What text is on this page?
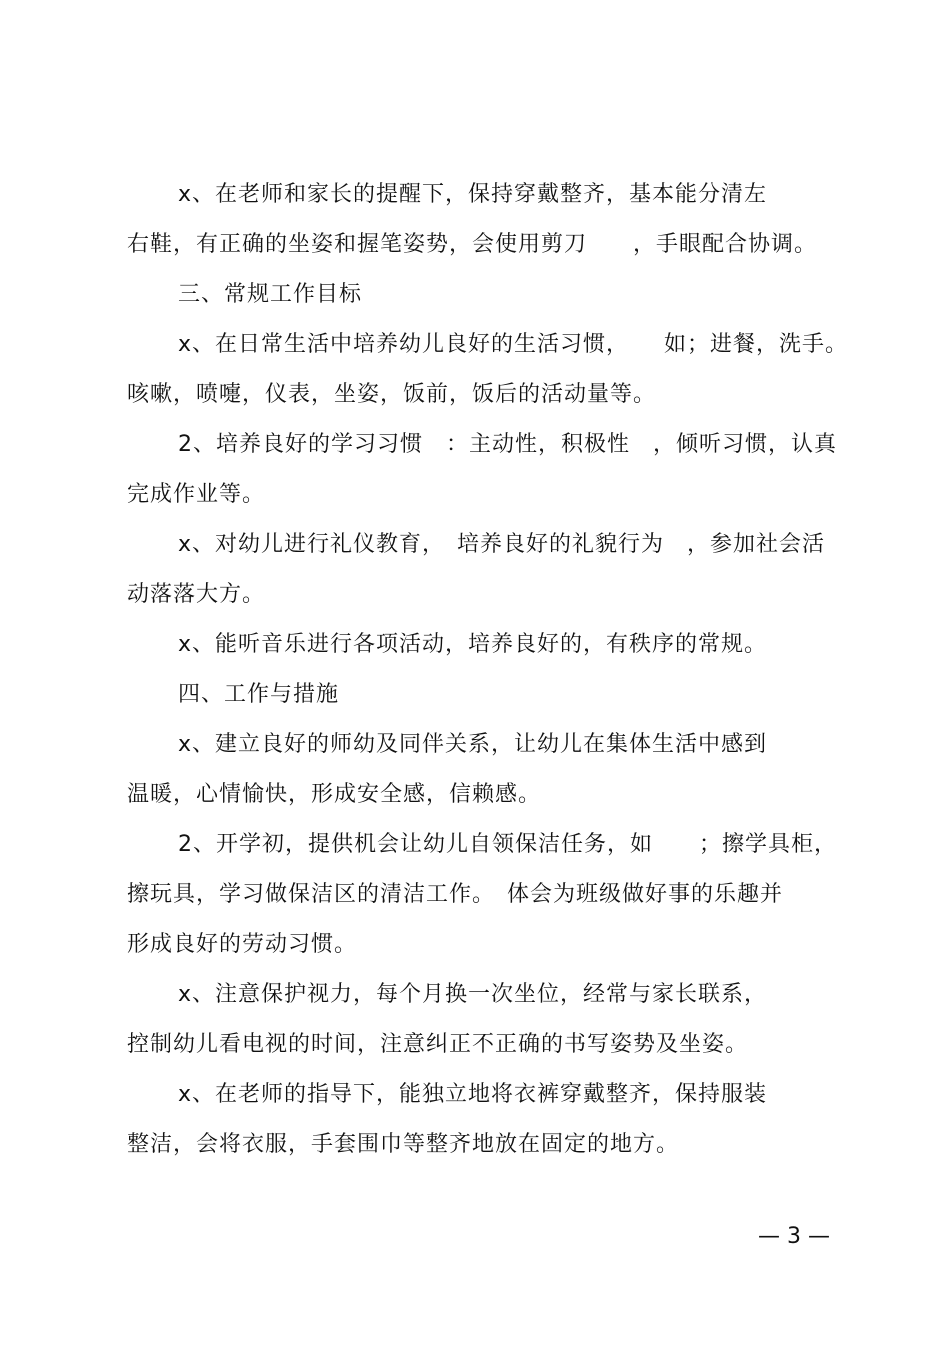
x、在老师和家长的提醒下，保持穿戴整齐，基本能分清左
右鞋，有正确的坐姿和握笔姿势，会使用剪刀　　，手眼配合协调。
三、常规工作目标
x、在日常生活中培养幼儿良好的生活习惯，　　如；进餐，洗手。
咳嗽，喷嚏，仪表，坐姿，饭前，饭后的活动量等。
2、培养良好的学习习惯　：主动性，积极性　，倾听习惯，认真
完成作业等。
x、对幼儿进行礼仪教育，　培养良好的礼貌行为　，参加社会活
动落落大方。
x、能听音乐进行各项活动，培养良好的，有秩序的常规。
四、工作与措施
x、建立良好的师幼及同伴关系，让幼儿在集体生活中感到
温暖，心情愉快，形成安全感，信赖感。
2、开学初，提供机会让幼儿自领保洁任务，如　　；擦学具柜，
擦玩具，学习做保洁区的清洁工作。　体会为班级做好事的乐趣并
形成良好的劳动习惯。
x、注意保护视力，每个月换一次坐位，经常与家长联系，
控制幼儿看电视的时间，注意纠正不正确的书写姿势及坐姿。
x、在老师的指导下，能独立地将衣裤穿戴整齐，保持服装
整洁，会将衣服，手套围巾等整齐地放在固定的地方。
— 3 —
